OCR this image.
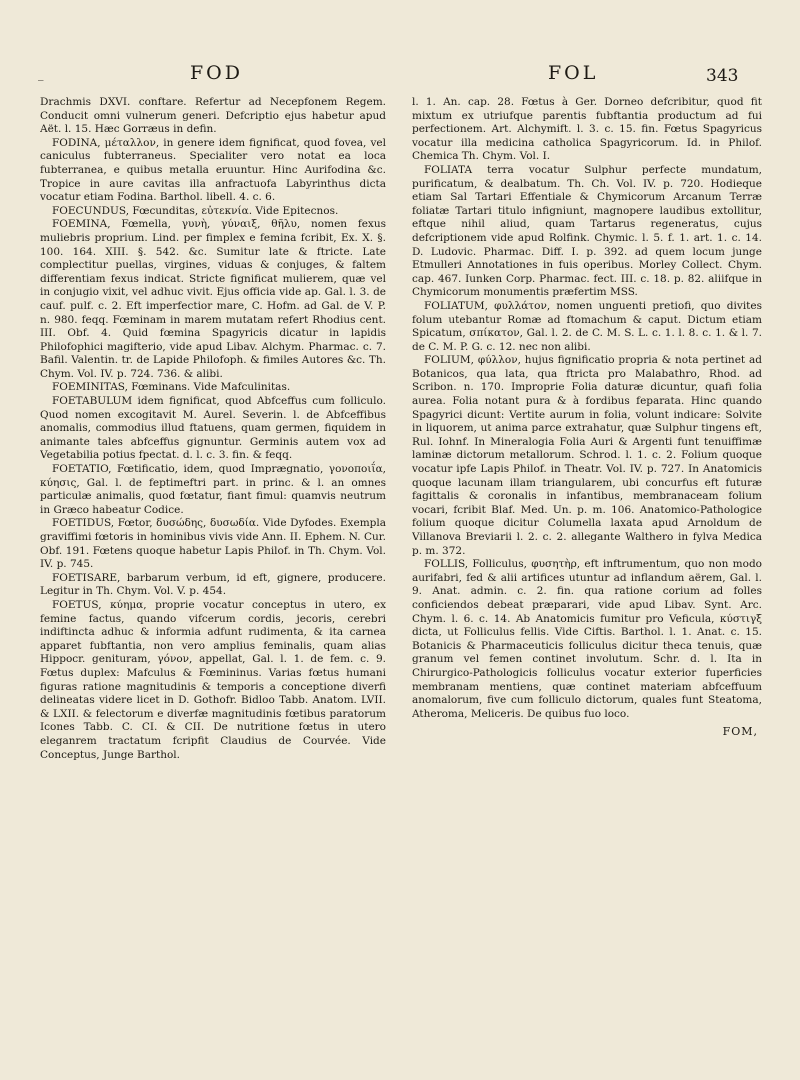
_	FOD	FOL	343

Drachmis DXVI. conftare. Refertur ad Necepfonem Regem. Conducit omni vulnerum generi. Defcriptio ejus habetur apud Aët. l. 15. Hæc Gorræus in defin.

FODINA, μέταλλον, in genere idem fignificat, quod fovea, vel caniculus fubterraneus. Specialiter vero notat ea loca fubterranea, e quibus metalla eruuntur. Hinc Aurifodina &c. Tropice in aure cavitas illa anfractuofa Labyrinthus dicta vocatur etiam Fodina. Barthol. libell. 4. c. 6.

FOECUNDUS, Fœcunditas, εὐτεκνία. Vide Epitecnos.

FOEMINA, Fœmella, γυνὴ, γύναιξ, θῆλυ, nomen fexus muliebris proprium. Lind. per fimplex e femina fcribit, Ex. X. §. 100. 164. XIII. §. 542. &c. Sumitur late & ftricte. Late complectitur puellas, virgines, viduas & conjuges, & faltem differentiam fexus indicat. Stricte fignificat mulierem, quæ vel in conjugio vixit, vel adhuc vivit. Ejus officia vide ap. Gal. l. 3. de cauf. pulf. c. 2. Eft imperfectior mare, C. Hofm. ad Gal. de V. P. n. 980. feqq. Fœminam in marem mutatam refert Rhodius cent. III. Obf. 4. Quid fœmina Spagyricis dicatur in lapidis Philofophici magifterio, vide apud Libav. Alchym. Pharmac. c. 7. Bafil. Valentin. tr. de Lapide Philofoph. & fimiles Autores &c. Th. Chym. Vol. IV. p. 724. 736. & alibi.

FOEMINITAS, Fœminans. Vide Mafculinitas.

FOETABULUM idem fignificat, quod Abfceffus cum folliculo. Quod nomen excogitavit M. Aurel. Severin. l. de Abfceffibus anomalis, commodius illud ftatuens, quam germen, fiquidem in animante tales abfceffus gignuntur. Germinis autem vox ad Vegetabilia potius fpectat. d. l. c. 3. fin. & feqq.

FOETATIO, Fœtificatio, idem, quod Imprægnatio, γονοποιΐα, κύησις, Gal. l. de feptimeftri part. in princ. & l. an omnes particulæ animalis, quod fœtatur, fiant fimul: quamvis neutrum in Græco habeatur Codice.

FOETIDUS, Fœtor, δυσώδης, δυσωδία. Vide Dyfodes. Exempla graviffimi fœtoris in hominibus vivis vide Ann. II. Ephem. N. Cur. Obf. 191. Fœtens quoque habetur Lapis Philof. in Th. Chym. Vol. IV. p. 745.

FOETISARE, barbarum verbum, id eft, gignere, producere. Legitur in Th. Chym. Vol. V. p. 454.

FOETUS, κύημα, proprie vocatur conceptus in utero, ex femine factus, quando vifcerum cordis, jecoris, cerebri indiftincta adhuc & informia adfunt rudimenta, & ita carnea apparet fubftantia, non vero amplius feminalis, quam alias Hippocr. genituram, γόνον, appellat, Gal. l. 1. de fem. c. 9. Fœtus duplex: Mafculus & Fœmininus. Varias fœtus humani figuras ratione magnitudinis & temporis a conceptione diverfi delineatas videre licet in D. Gothofr. Bidloo Tabb. Anatom. LVII. & LXII. & felectorum e diverfæ magnitudinis fœtibus paratorum Icones Tabb. C. CI. & CII. De nutritione fœtus in utero eleganrem tractatum fcripfit Claudius de Courvée. Vide Conceptus, Junge Barthol.

l. 1. An. cap. 28. Fœtus à Ger. Dorneo defcribitur, quod fit mixtum ex utriufque parentis fubftantia productum ad fui perfectionem. Art. Alchymift. l. 3. c. 15. fin. Fœtus Spagyricus vocatur illa medicina catholica Spagyricorum. Id. in Philof. Chemica Th. Chym. Vol. I.

FOLIATA terra vocatur Sulphur perfecte mundatum, purificatum, & dealbatum. Th. Ch. Vol. IV. p. 720. Hodieque etiam Sal Tartari Effentiale & Chymicorum Arcanum Terræ foliatæ Tartari titulo infigniunt, magnopere laudibus extollitur, eftque nihil aliud, quam Tartarus regeneratus, cujus defcriptionem vide apud Rolfink. Chymic. l. 5. f. 1. art. 1. c. 14. D. Ludovic. Pharmac. Diff. I. p. 392. ad quem locum junge Etmulleri Annotationes in fuis operibus. Morley Collect. Chym. cap. 467. Iunken Corp. Pharmac. fect. III. c. 18. p. 82. aliifque in Chymicorum monumentis præfertim MSS.

FOLIATUM, φυλλάτον, nomen unguenti pretiofi, quo divites folum utebantur Romæ ad ftomachum & caput. Dictum etiam Spicatum, σπίκατον, Gal. l. 2. de C. M. S. L. c. 1. l. 8. c. 1. & l. 7. de C. M. P. G. c. 12. nec non alibi.

FOLIUM, φύλλον, hujus fignificatio propria & nota pertinet ad Botanicos, qua lata, qua ftricta pro Malabathro, Rhod. ad Scribon. n. 170. Improprie Folia daturæ dicuntur, quafi folia aurea. Folia notant pura & à fordibus feparata. Hinc quando Spagyrici dicunt: Vertite aurum in folia, volunt indicare: Solvite in liquorem, ut anima parce extrahatur, quæ Sulphur tingens eft, Rul. Iohnf. In Mineralogia Folia Auri & Argenti funt tenuiffimæ laminæ dictorum metallorum. Schrod. l. 1. c. 2. Folium quoque vocatur ipfe Lapis Philof. in Theatr. Vol. IV. p. 727. In Anatomicis quoque lacunam illam triangularem, ubi concurfus eft futuræ fagittalis & coronalis in infantibus, membranaceam folium vocari, fcribit Blaf. Med. Un. p. m. 106. Anatomico-Pathologice folium quoque dicitur Columella laxata apud Arnoldum de Villanova Breviarii l. 2. c. 2. allegante Walthero in fylva Medica p. m. 372.

FOLLIS, Folliculus, φυσητὴρ, eft inftrumentum, quo non modo aurifabri, fed & alii artifices utuntur ad inflandum aërem, Gal. l. 9. Anat. admin. c. 2. fin. qua ratione corium ad folles conficiendos debeat præparari, vide apud Libav. Synt. Arc. Chym. l. 6. c. 14. Ab Anatomicis fumitur pro Veficula, κύστιγξ dicta, ut Folliculus fellis. Vide Ciftis. Barthol. l. 1. Anat. c. 15. Botanicis & Pharmaceuticis folliculus dicitur theca tenuis, quæ granum vel femen continet involutum. Schr. d. l. Ita in Chirurgico-Pathologicis folliculus vocatur exterior fuperficies membranam mentiens, quæ continet materiam abfceffuum anomalorum, five cum folliculo dictorum, quales funt Steatoma, Atheroma, Meliceris. De quibus fuo loco.

FOM,
